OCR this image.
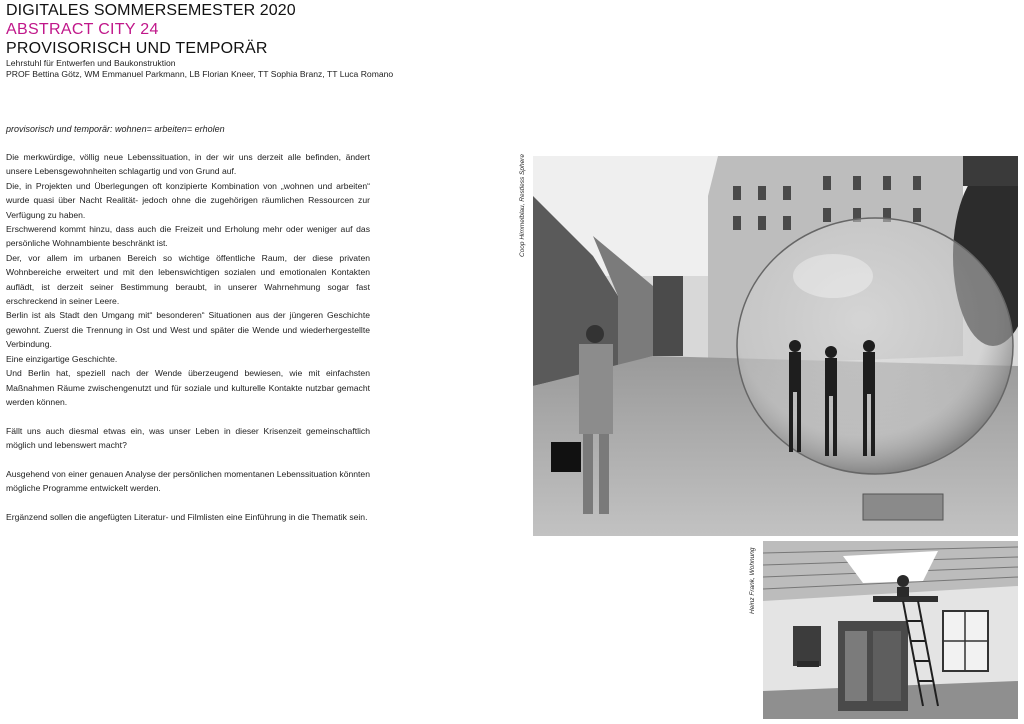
DIGITALES SOMMERSEMESTER 2020
ABSTRACT CITY 24
PROVISORISCH UND TEMPORÄR
Lehrstuhl für Entwerfen und Baukonstruktion
PROF Bettina Götz, WM Emmanuel Parkmann, LB Florian Kneer, TT Sophia Branz, TT Luca Romano
provisorisch und temporär: wohnen= arbeiten= erholen

Die merkwürdige, völlig neue Lebenssituation, in der wir uns derzeit alle befinden, ändert unsere Lebensgewohnheiten schlagartig und von Grund auf.

Die, in Projekten und Überlegungen oft konzipierte Kombination von „wohnen und arbeiten“ wurde quasi über Nacht Realität- jedoch ohne die zugehörigen räumlichen Ressourcen zur Verfügung zu haben.

Erschwerend kommt hinzu, dass auch die Freizeit und Erholung mehr oder weniger auf das persönliche Wohnambiente beschränkt ist.

Der, vor allem im urbanen Bereich so wichtige öffentliche Raum, der diese privaten Wohnbereiche erweitert und mit den lebenswichtigen sozialen und emotionalen Kontakten auflädt, ist derzeit seiner Bestimmung beraubt, in unserer Wahrnehmung sogar fast erschreckend in seiner Leere.

Berlin ist als Stadt den Umgang mit“ besonderen“ Situationen aus der jüngeren Geschichte gewohnt. Zuerst die Trennung in Ost und West und später die Wende und wiederhergestellte Verbindung.

Eine einzigartige Geschichte.

Und Berlin hat, speziell nach der Wende überzeugend bewiesen, wie mit einfachsten Maßnahmen Räume zwischengenutzt und für soziale und kulturelle Kontakte nutzbar gemacht werden können.

Fällt uns auch diesmal etwas ein, was unser Leben in dieser Krisenzeit gemeinschaftlich möglich und lebenswert macht?

Ausgehend von einer genauen Analyse der persönlichen momentanen Lebenssituation könnten mögliche Programme entwickelt werden.

Ergänzend sollen die angefügten Literatur- und Filmlisten eine Einführung in die Thematik sein.

Coop Himmelblau, Restless Sphere
Heinz Frank, Wohnung
